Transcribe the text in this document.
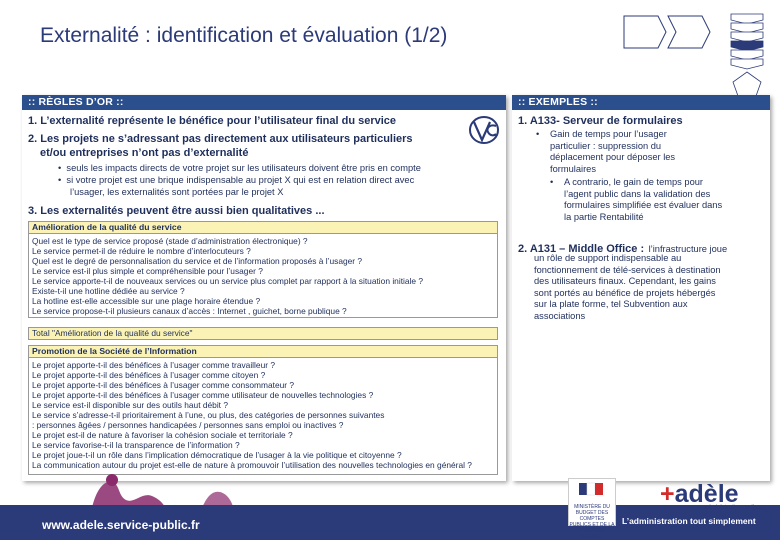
Externalité : identification et évaluation (1/2)
:: RÈGLES D’OR ::
1. L’externalité représente le bénéfice pour l’utilisateur final du service
2. Les projets ne s’adressant pas directement aux utilisateurs particuliers
et/ou entreprises n’ont pas d’externalité
•  seuls les impacts directs de votre projet sur les utilisateurs doivent être pris en compte
•  si votre projet est une brique indispensable au projet X qui est en relation direct avec
l’usager, les externalités sont portées par le projet X
3. Les externalités peuvent être aussi bien qualitatives ...
Amélioration de la qualité du service
Quel est le type de service proposé (stade d’administration électronique) ?
Le service permet-il de réduire le nombre d’interlocuteurs ?
Quel est le degré de personnalisation du service et de l’information proposés à l’usager ?
Le service est-il plus simple et compréhensible pour l’usager ?
Le service apporte-t-il de nouveaux services ou un service plus complet par rapport à la situation initiale ?
Existe-t-il une hotline dédiée au service ?
La hotline est-elle accessible sur une plage horaire étendue ?
Le service propose-t-il plusieurs canaux d’accès : Internet , guichet, borne publique ?
Total "Amélioration de la qualité du service"
Promotion de la Société de l’Information
Le projet apporte-t-il des bénéfices à l’usager comme travailleur ?
Le projet apporte-t-il des bénéfices à l’usager comme citoyen ?
Le projet apporte-t-il des bénéfices à l’usager comme consommateur ?
Le projet apporte-t-il des bénéfices à l’usager comme utilisateur de nouvelles technologies ?
Le service est-il disponible sur des outils haut débit ?
Le service s’adresse-t-il prioritairement à l’une, ou plus, des catégories de personnes suivantes
: personnes âgées / personnes handicapées / personnes sans emploi ou inactives ?
Le projet est-il de nature à favoriser la cohésion sociale et territoriale ?
Le service favorise-t-il la transparence de l’information ?
Le projet joue-t-il un rôle dans l’implication démocratique de l’usager à la vie politique et citoyenne ?
La communication autour du projet est-elle de nature à promouvoir l’utilisation des nouvelles technologies en général ?
:: EXEMPLES ::
1. A133- Serveur de formulaires
• Gain de temps pour l’usager
particulier : suppression du
déplacement pour déposer les
formulaires
• A contrario, le gain de temps pour
l’agent public dans la validation des
formulaires simplifiée est évaluer dans
la partie Rentabilité
2. A131 – Middle Office : l’infrastructure joue
un rôle de support indispensable au
fonctionnement de télé-services à destination
des utilisateurs finaux. Cependant, les gains
sont portés au bénéfice de projets hébergés
sur la plate forme, tel Subvention aux
associations
www.adele.service-public.fr
MINISTÈRE DU BUDGET DES COMPTES PUBLICS ET DE LA FONCTION PUBLIQUE
+adèle
administration en ligne
L’administration tout simplement
